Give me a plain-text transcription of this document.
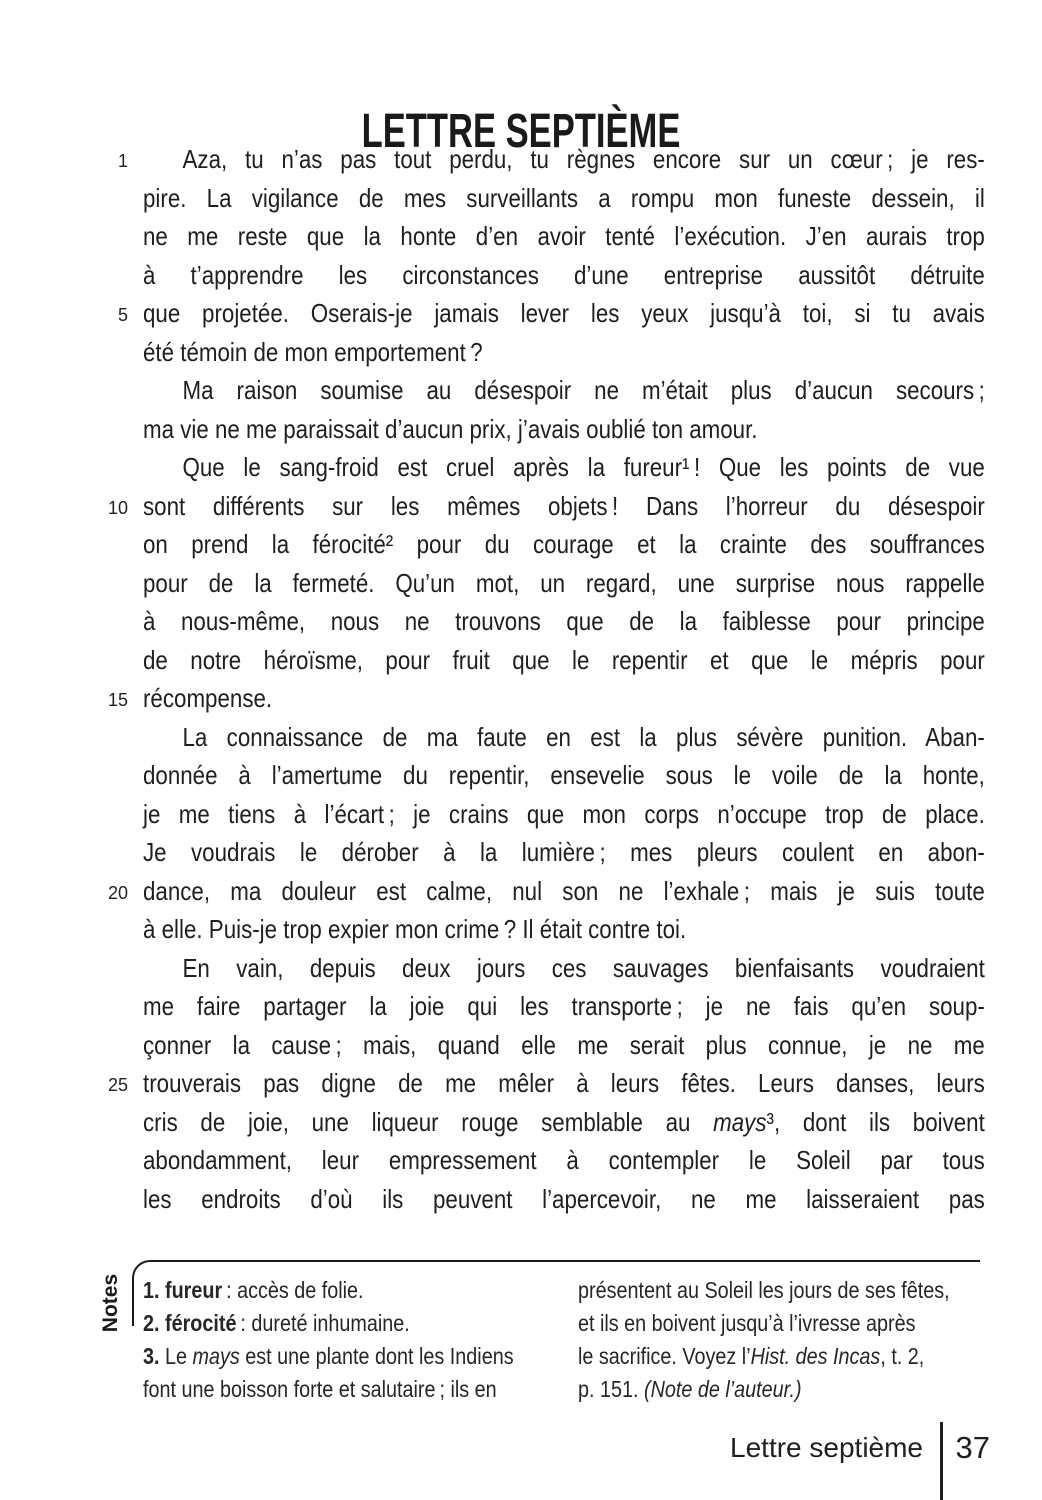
LETTRE SEPTIÈME
1
5
10
15
20
25
Aza, tu n’as pas tout perdu, tu règnes encore sur un cœur ; je res-
pire. La vigilance de mes surveillants a rompu mon funeste dessein, il
ne me reste que la honte d’en avoir tenté l’exécution. J’en aurais trop
à t’apprendre les circonstances d’une entreprise aussitôt détruite
que projetée. Oserais-je jamais lever les yeux jusqu’à toi, si tu avais
été témoin de mon emportement ?
Ma raison soumise au désespoir ne m’était plus d’aucun secours ;
ma vie ne me paraissait d’aucun prix, j’avais oublié ton amour.
Que le sang-froid est cruel après la fureur¹ ! Que les points de vue
sont différents sur les mêmes objets ! Dans l’horreur du désespoir
on prend la férocité² pour du courage et la crainte des souffrances
pour de la fermeté. Qu’un mot, un regard, une surprise nous rappelle
à nous-même, nous ne trouvons que de la faiblesse pour principe
de notre héroïsme, pour fruit que le repentir et que le mépris pour
récompense.
La connaissance de ma faute en est la plus sévère punition. Aban-
donnée à l’amertume du repentir, ensevelie sous le voile de la honte,
je me tiens à l’écart ; je crains que mon corps n’occupe trop de place.
Je voudrais le dérober à la lumière ; mes pleurs coulent en abon-
dance, ma douleur est calme, nul son ne l’exhale ; mais je suis toute
à elle. Puis-je trop expier mon crime ? Il était contre toi.
En vain, depuis deux jours ces sauvages bienfaisants voudraient
me faire partager la joie qui les transporte ; je ne fais qu’en soup-
çonner la cause ; mais, quand elle me serait plus connue, je ne me
trouverais pas digne de me mêler à leurs fêtes. Leurs danses, leurs
cris de joie, une liqueur rouge semblable au mays³, dont ils boivent
abondamment, leur empressement à contempler le Soleil par tous
les endroits d’où ils peuvent l’apercevoir, ne me laisseraient pas
Notes 1. fureur : accès de folie.
2. férocité : dureté inhumaine.
3. Le mays est une plante dont les Indiens
font une boisson forte et salutaire ; ils en
présentent au Soleil les jours de ses fêtes,
et ils en boivent jusqu’à l’ivresse après
le sacrifice. Voyez l’Hist. des Incas, t. 2,
p. 151. (Note de l’auteur.)
Lettre septième 37
